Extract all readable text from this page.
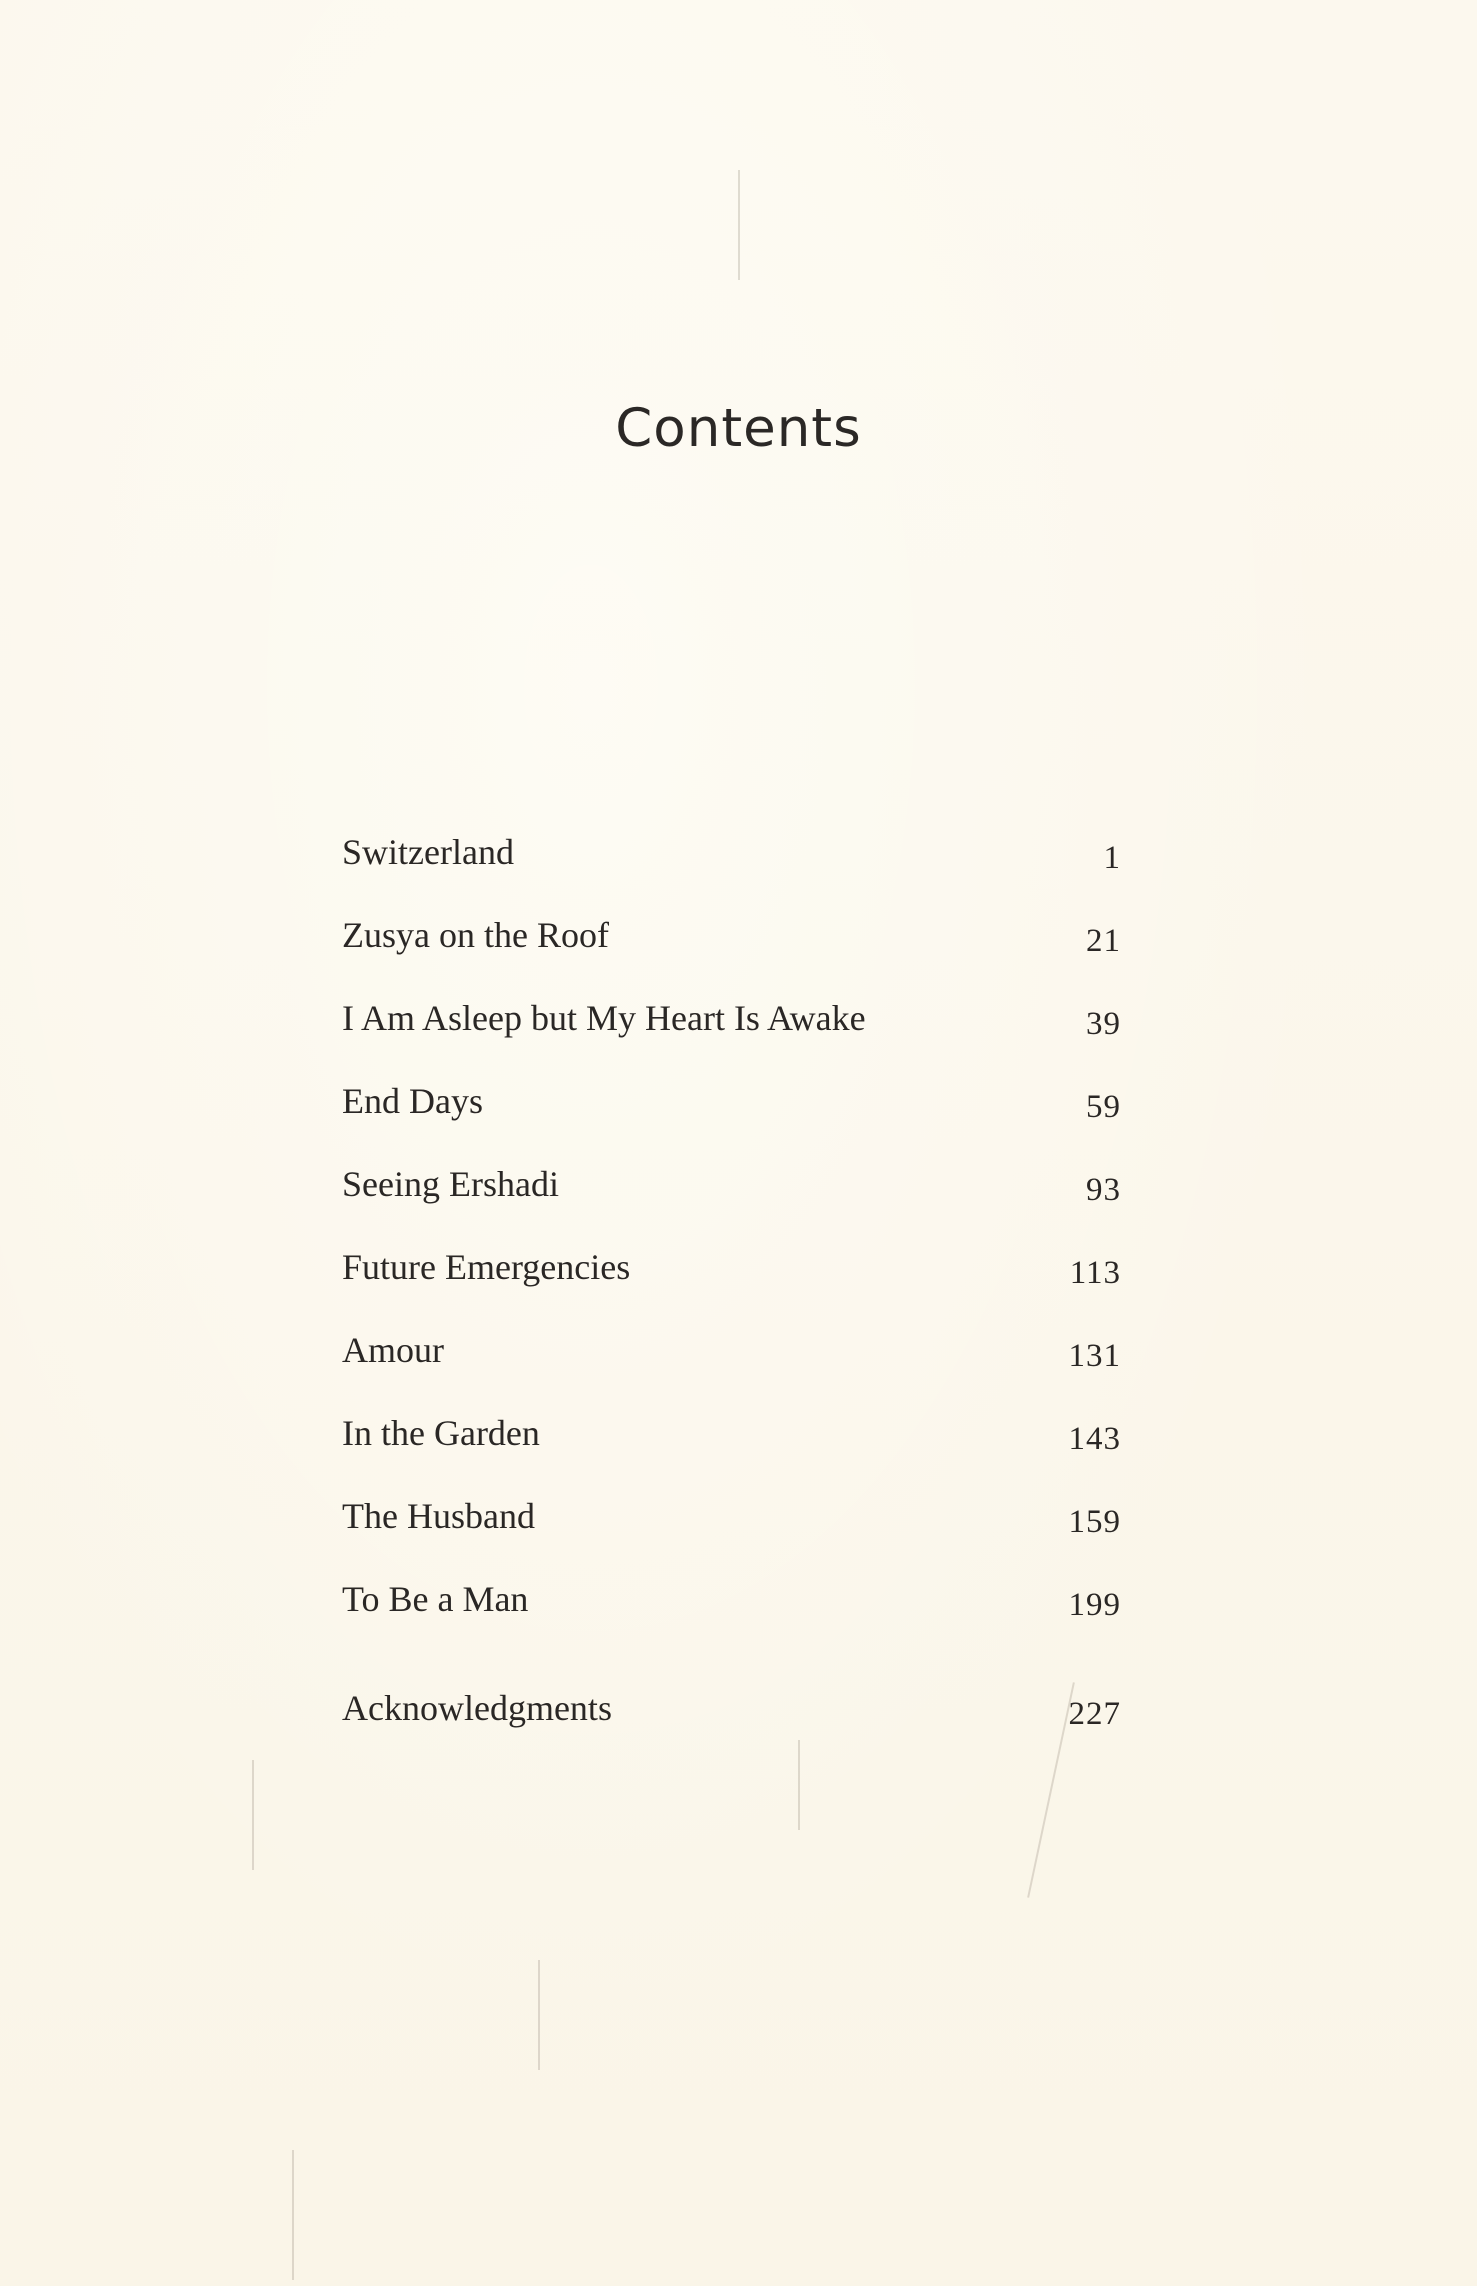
Contents
Switzerland	1
Zusya on the Roof	21
I Am Asleep but My Heart Is Awake	39
End Days	59
Seeing Ershadi	93
Future Emergencies	113
Amour	131
In the Garden	143
The Husband	159
To Be a Man	199
Acknowledgments	227
